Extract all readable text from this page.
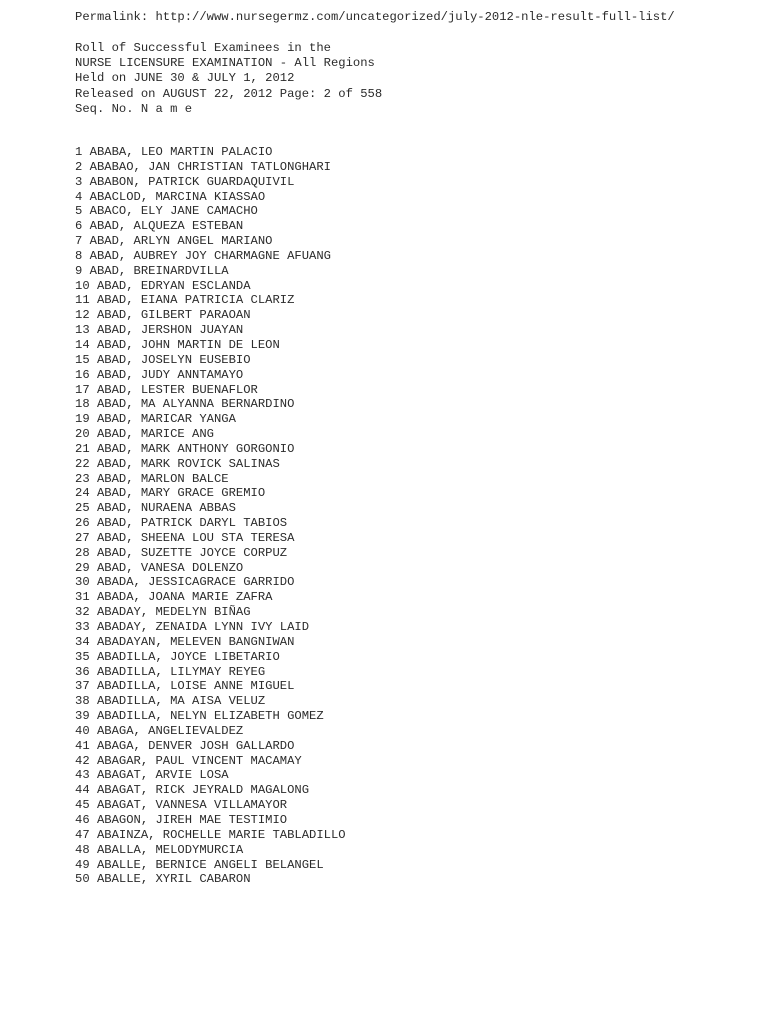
Permalink: http://www.nursegermz.com/uncategorized/july-2012-nle-result-full-list/
Roll of Successful Examinees in the
NURSE LICENSURE EXAMINATION - All Regions
Held on JUNE 30 & JULY 1, 2012
Released on AUGUST 22, 2012 Page: 2 of 558
Seq. No. N a m e
1 ABABA, LEO MARTIN PALACIO
2 ABABAO, JAN CHRISTIAN TATLONGHARI
3 ABABON, PATRICK GUARDAQUIVIL
4 ABACLOD, MARCINA KIASSAO
5 ABACO, ELY JANE CAMACHO
6 ABAD, ALQUEZA ESTEBAN
7 ABAD, ARLYN ANGEL MARIANO
8 ABAD, AUBREY JOY CHARMAGNE AFUANG
9 ABAD, BREINARDVILLA
10 ABAD, EDRYAN ESCLANDA
11 ABAD, EIANA PATRICIA CLARIZ
12 ABAD, GILBERT PARAOAN
13 ABAD, JERSHON JUAYAN
14 ABAD, JOHN MARTIN DE LEON
15 ABAD, JOSELYN EUSEBIO
16 ABAD, JUDY ANNTAMAYO
17 ABAD, LESTER BUENAFLOR
18 ABAD, MA ALYANNA BERNARDINO
19 ABAD, MARICAR YANGA
20 ABAD, MARICE ANG
21 ABAD, MARK ANTHONY GORGONIO
22 ABAD, MARK ROVICK SALINAS
23 ABAD, MARLON BALCE
24 ABAD, MARY GRACE GREMIO
25 ABAD, NURAENA ABBAS
26 ABAD, PATRICK DARYL TABIOS
27 ABAD, SHEENA LOU STA TERESA
28 ABAD, SUZETTE JOYCE CORPUZ
29 ABAD, VANESA DOLENZO
30 ABADA, JESSICAGRACE GARRIDO
31 ABADA, JOANA MARIE ZAFRA
32 ABADAY, MEDELYN BIÑAG
33 ABADAY, ZENAIDA LYNN IVY LAID
34 ABADAYAN, MELEVEN BANGNIWAN
35 ABADILLA, JOYCE LIBETARIO
36 ABADILLA, LILYMAY REYEG
37 ABADILLA, LOISE ANNE MIGUEL
38 ABADILLA, MA AISA VELUZ
39 ABADILLA, NELYN ELIZABETH GOMEZ
40 ABAGA, ANGELIEVALDEZ
41 ABAGA, DENVER JOSH GALLARDO
42 ABAGAR, PAUL VINCENT MACAMAY
43 ABAGAT, ARVIE LOSA
44 ABAGAT, RICK JEYRALD MAGALONG
45 ABAGAT, VANNESA VILLAMAYOR
46 ABAGON, JIREH MAE TESTIMIO
47 ABAINZA, ROCHELLE MARIE TABLADILLO
48 ABALLA, MELODYMURCIA
49 ABALLE, BERNICE ANGELI BELANGEL
50 ABALLE, XYRIL CABARON
